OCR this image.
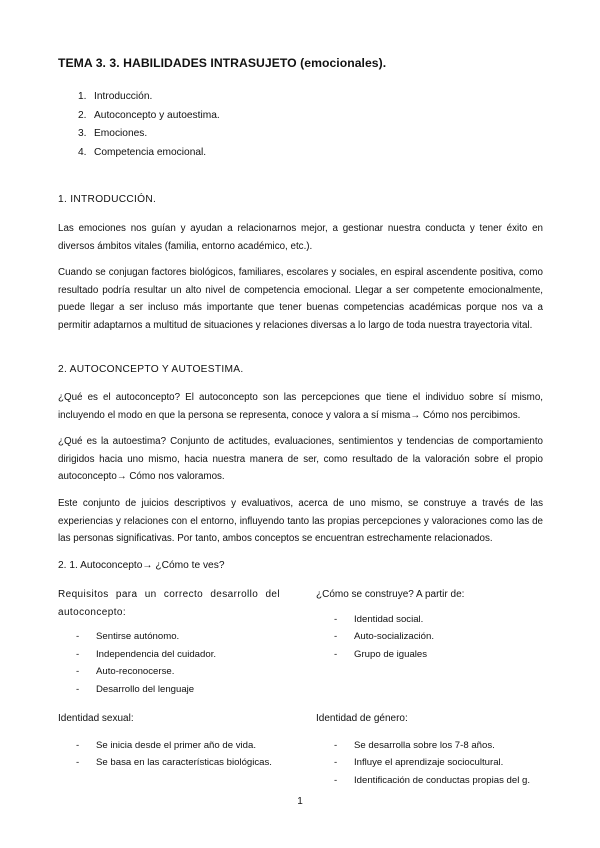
TEMA 3. 3. HABILIDADES INTRASUJETO (emocionales).
1. Introducción.
2. Autoconcepto y autoestima.
3. Emociones.
4. Competencia emocional.
1. INTRODUCCIÓN.

Las emociones nos guían y ayudan a relacionarnos mejor, a gestionar nuestra conducta y tener éxito en diversos ámbitos vitales (familia, entorno académico, etc.).

Cuando se conjugan factores biológicos, familiares, escolares y sociales, en espiral ascendente positiva, como resultado podría resultar un alto nivel de competencia emocional. Llegar a ser competente emocionalmente, puede llegar a ser incluso más importante que tener buenas competencias académicas porque nos va a permitir adaptarnos a multitud de situaciones y relaciones diversas a lo largo de toda nuestra trayectoria vital.

2. AUTOCONCEPTO Y AUTOESTIMA.

¿Qué es el autoconcepto? El autoconcepto son las percepciones que tiene el individuo sobre sí mismo, incluyendo el modo en que la persona se representa, conoce y valora a sí misma→ Cómo nos percibimos.

¿Qué es la autoestima? Conjunto de actitudes, evaluaciones, sentimientos y tendencias de comportamiento dirigidos hacia uno mismo, hacia nuestra manera de ser, como resultado de la valoración sobre el propio autoconcepto→ Cómo nos valoramos.

Este conjunto de juicios descriptivos y evaluativos, acerca de uno mismo, se construye a través de las experiencias y relaciones con el entorno, influyendo tanto las propias percepciones y valoraciones como las de las personas significativas. Por tanto, ambos conceptos se encuentran estrechamente relacionados.

2. 1. Autoconcepto→ ¿Cómo te ves?

Requisitos para un correcto desarrollo del autoconcepto:

- Sentirse autónomo.
- Independencia del cuidador.
- Auto-reconocerse.
- Desarrollo del lenguaje

¿Cómo se construye? A partir de:

- Identidad social.
- Auto-socialización.
- Grupo de iguales

Identidad sexual:

- Se inicia desde el primer año de vida.
- Se basa en las características biológicas.

Identidad de género:

- Se desarrolla sobre los 7-8 años.
- Influye el aprendizaje sociocultural.
- Identificación de conductas propias del g.
1
